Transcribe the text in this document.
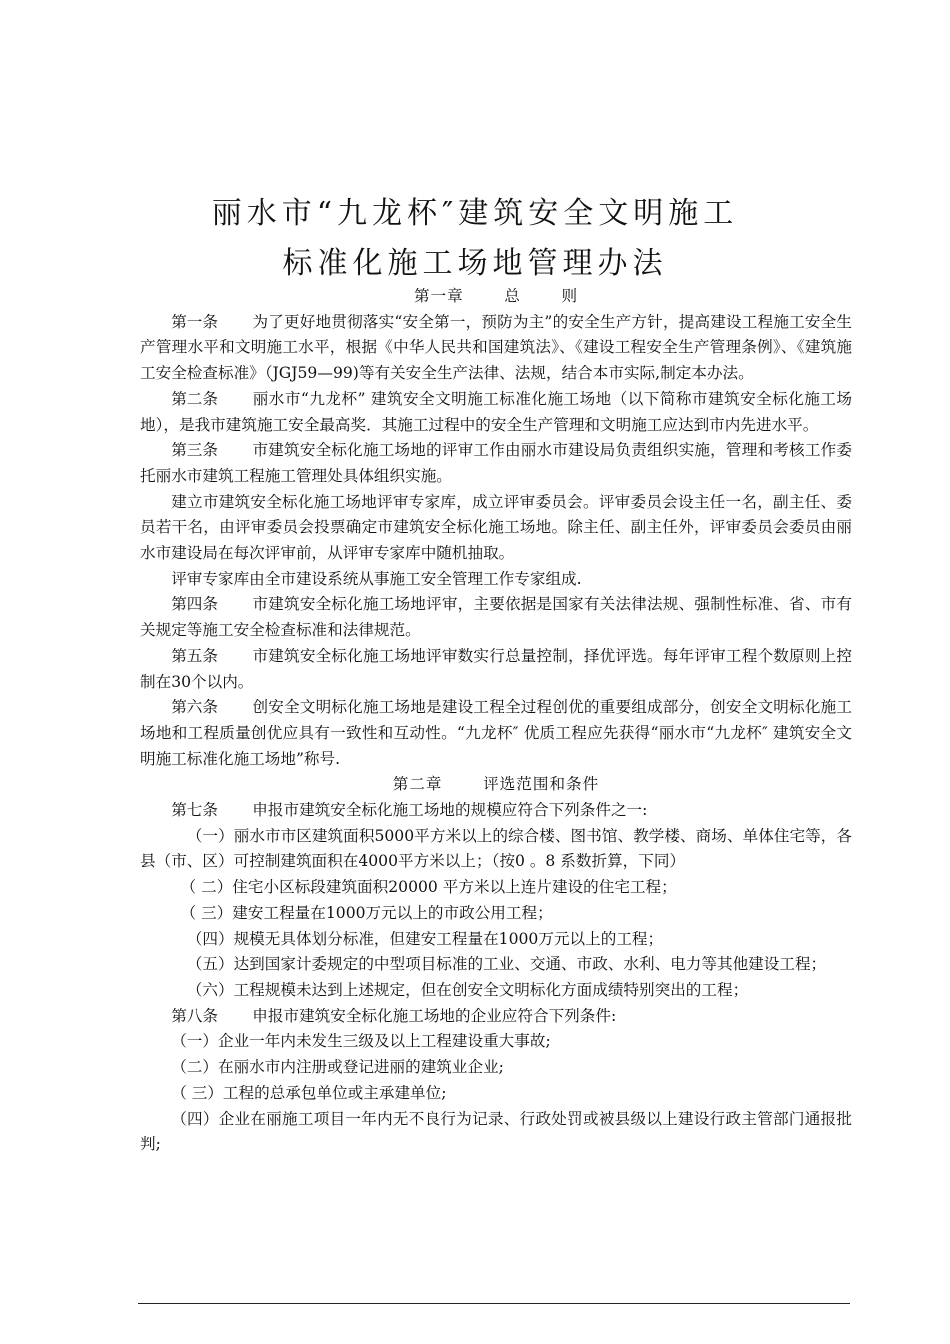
丽水市“九龙杯″建筑安全文明施工
标准化施工场地管理办法

第一章	总	则

第一条 为了更好地贯彻落实“安全第一，预防为主”的安全生产方针，提高建设工程施工安全生产管理水平和文明施工水平，根据《中华人民共和国建筑法》、《建设工程安全生产管理条例》、《建筑施工安全检查标准》（JGJ59—99)等有关安全生产法律、法规，结合本市实际,制定本办法。

第二条 丽水市“九龙杯” 建筑安全文明施工标准化施工场地（以下简称市建筑安全标化施工场地），是我市建筑施工安全最高奖．其施工过程中的安全生产管理和文明施工应达到市内先进水平。

第三条 市建筑安全标化施工场地的评审工作由丽水市建设局负责组织实施，管理和考核工作委托丽水市建筑工程施工管理处具体组织实施。

建立市建筑安全标化施工场地评审专家库，成立评审委员会。评审委员会设主任一名，副主任、委员若干名，由评审委员会投票确定市建筑安全标化施工场地。除主任、副主任外，评审委员会委员由丽水市建设局在每次评审前，从评审专家库中随机抽取。

评审专家库由全市建设系统从事施工安全管理工作专家组成.

第四条 市建筑安全标化施工场地评审，主要依据是国家有关法律法规、强制性标准、省、市有关规定等施工安全检查标准和法律规范。

第五条 市建筑安全标化施工场地评审数实行总量控制，择优评选。每年评审工程个数原则上控制在30个以内。

第六条 创安全文明标化施工场地是建设工程全过程创优的重要组成部分，创安全文明标化施工场地和工程质量创优应具有一致性和互动性。“九龙杯″ 优质工程应先获得“丽水市“九龙杯″ 建筑安全文明施工标准化施工场地”称号.

第二章	评选范围和条件

第七条 申报市建筑安全标化施工场地的规模应符合下列条件之一:

（一）丽水市市区建筑面积5000平方米以上的综合楼、图书馆、教学楼、商场、单体住宅等，各县（市、区）可控制建筑面积在4000平方米以上；（按0 。8 系数折算，下同）

（ 二）住宅小区标段建筑面积20000 平方米以上连片建设的住宅工程；

（ 三）建安工程量在1000万元以上的市政公用工程；

（四）规模无具体划分标准，但建安工程量在1000万元以上的工程；

（五）达到国家计委规定的中型项目标准的工业、交通、市政、水利、电力等其他建设工程；

（六）工程规模未达到上述规定，但在创安全文明标化方面成绩特别突出的工程；

第八条 申报市建筑安全标化施工场地的企业应符合下列条件:

（一）企业一年内未发生三级及以上工程建设重大事故;

（二）在丽水市内注册或登记进丽的建筑业企业;

（ 三）工程的总承包单位或主承建单位;

（四）企业在丽施工项目一年内无不良行为记录、行政处罚或被县级以上建设行政主管部门通报批判;
